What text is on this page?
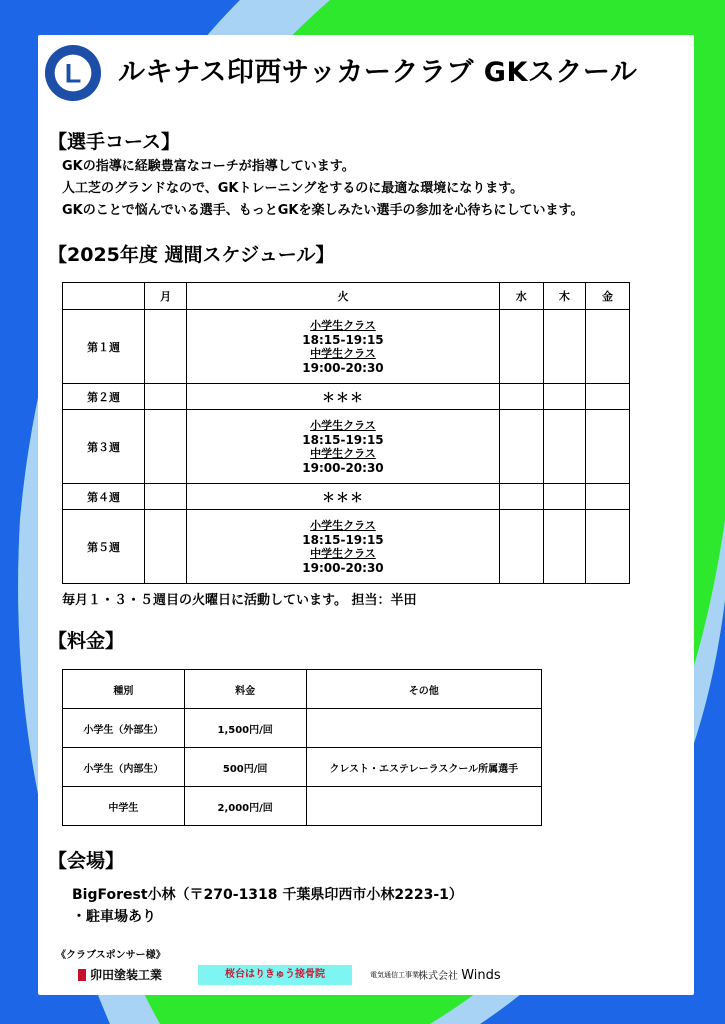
L ルキナス印西サッカークラブ GKスクール
【選手コース】
GKの指導に経験豊富なコーチが指導しています。
人工芝のグランドなので、GKトレーニングをするのに最適な環境になります。
GKのことで悩んでいる選手、もっとGKを楽しみたい選手の参加を心待ちにしています。
【2025年度 週間スケジュール】
	月	火	水	木	金
第１週		小学生クラス
18:15-19:15
中学生クラス
19:00-20:30			

第２週		＊＊＊			
第３週		小学生クラス
18:15-19:15
中学生クラス
19:00-20:30			

第４週		＊＊＊			
第５週		小学生クラス
18:15-19:15
中学生クラス
19:00-20:30			

毎月１・３・５週目の火曜日に活動しています。 担当：半田
【料金】
種別	料金	その他
小学生（外部生）	1,500円/回	
小学生（内部生）	500円/回	クレスト・エステレーラスクール所属選手
中学生	2,000円/回	
【会場】
BigForest小林（〒270-1318 千葉県印西市小林2223-1）
・駐車場あり
《クラブスポンサー様》
卯田塗装工業	桜台はりきゅう接骨院	電気通信工事業 株式会社 Winds
